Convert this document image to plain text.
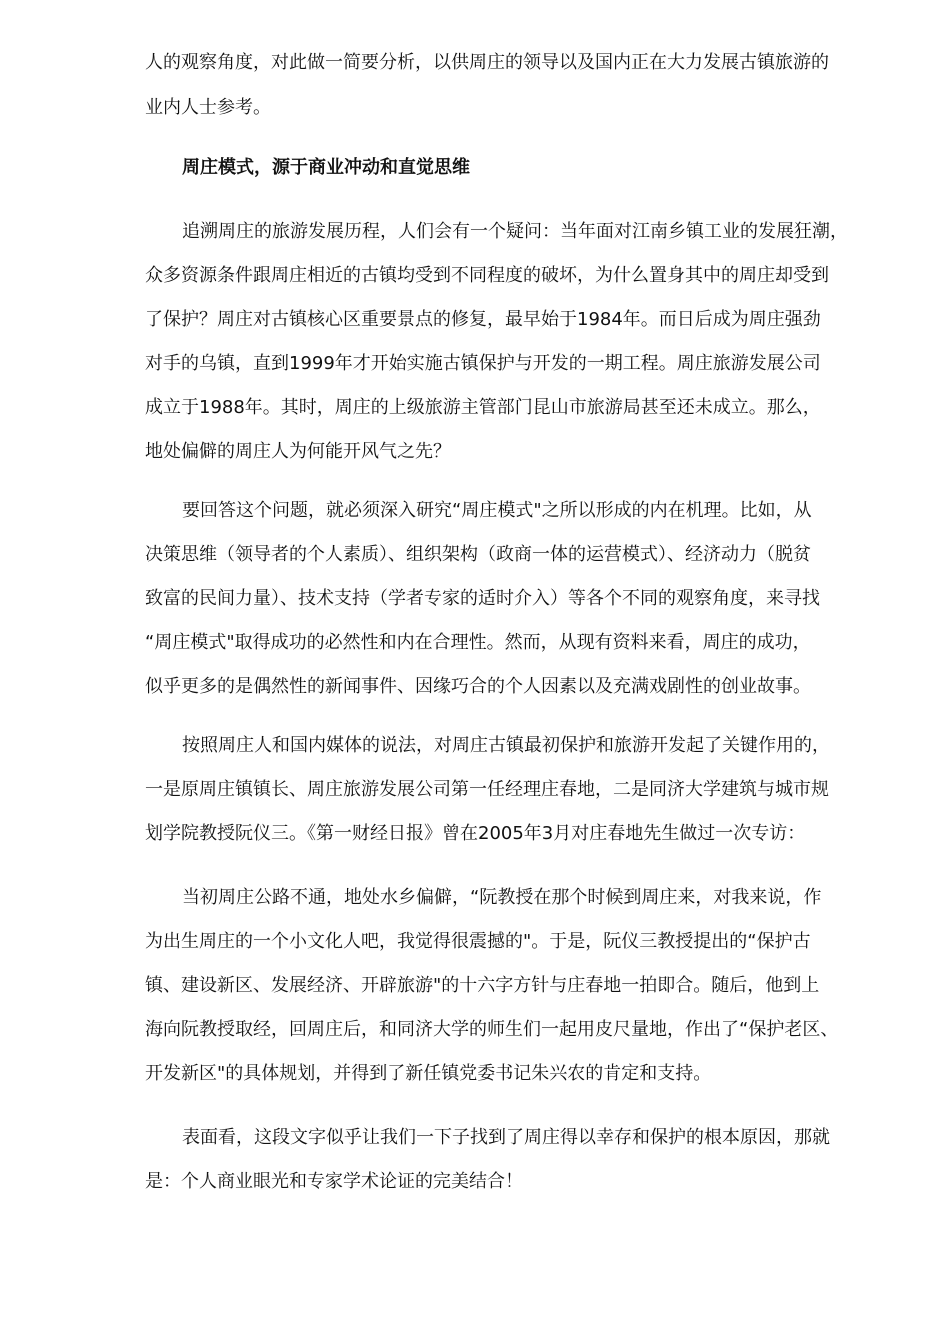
人的观察角度，对此做一简要分析，以供周庄的领导以及国内正在大力发展古镇旅游的

业内人士参考。

周庄模式，源于商业冲动和直觉思维

追溯周庄的旅游发展历程，人们会有一个疑问：当年面对江南乡镇工业的发展狂潮，

众多资源条件跟周庄相近的古镇均受到不同程度的破坏，为什么置身其中的周庄却受到

了保护？周庄对古镇核心区重要景点的修复，最早始于1984年。而日后成为周庄强劲

对手的乌镇，直到1999年才开始实施古镇保护与开发的一期工程。周庄旅游发展公司

成立于1988年。其时，周庄的上级旅游主管部门昆山市旅游局甚至还未成立。那么，

地处偏僻的周庄人为何能开风气之先？

要回答这个问题，就必须深入研究“周庄模式"之所以形成的内在机理。比如，从

决策思维（领导者的个人素质）、组织架构（政商一体的运营模式）、经济动力（脱贫

致富的民间力量）、技术支持（学者专家的适时介入）等各个不同的观察角度，来寻找

“周庄模式"取得成功的必然性和内在合理性。然而，从现有资料来看，周庄的成功，

似乎更多的是偶然性的新闻事件、因缘巧合的个人因素以及充满戏剧性的创业故事。

按照周庄人和国内媒体的说法，对周庄古镇最初保护和旅游开发起了关键作用的，

一是原周庄镇镇长、周庄旅游发展公司第一任经理庄春地，二是同济大学建筑与城市规

划学院教授阮仪三。《第一财经日报》曾在2005年3月对庄春地先生做过一次专访：

当初周庄公路不通，地处水乡偏僻，“阮教授在那个时候到周庄来，对我来说，作

为出生周庄的一个小文化人吧，我觉得很震撼的"。于是，阮仪三教授提出的“保护古

镇、建设新区、发展经济、开辟旅游"的十六字方针与庄春地一拍即合。随后，他到上

海向阮教授取经，回周庄后，和同济大学的师生们一起用皮尺量地，作出了“保护老区、

开发新区"的具体规划，并得到了新任镇党委书记朱兴农的肯定和支持。

表面看，这段文字似乎让我们一下子找到了周庄得以幸存和保护的根本原因，那就

是：个人商业眼光和专家学术论证的完美结合！
